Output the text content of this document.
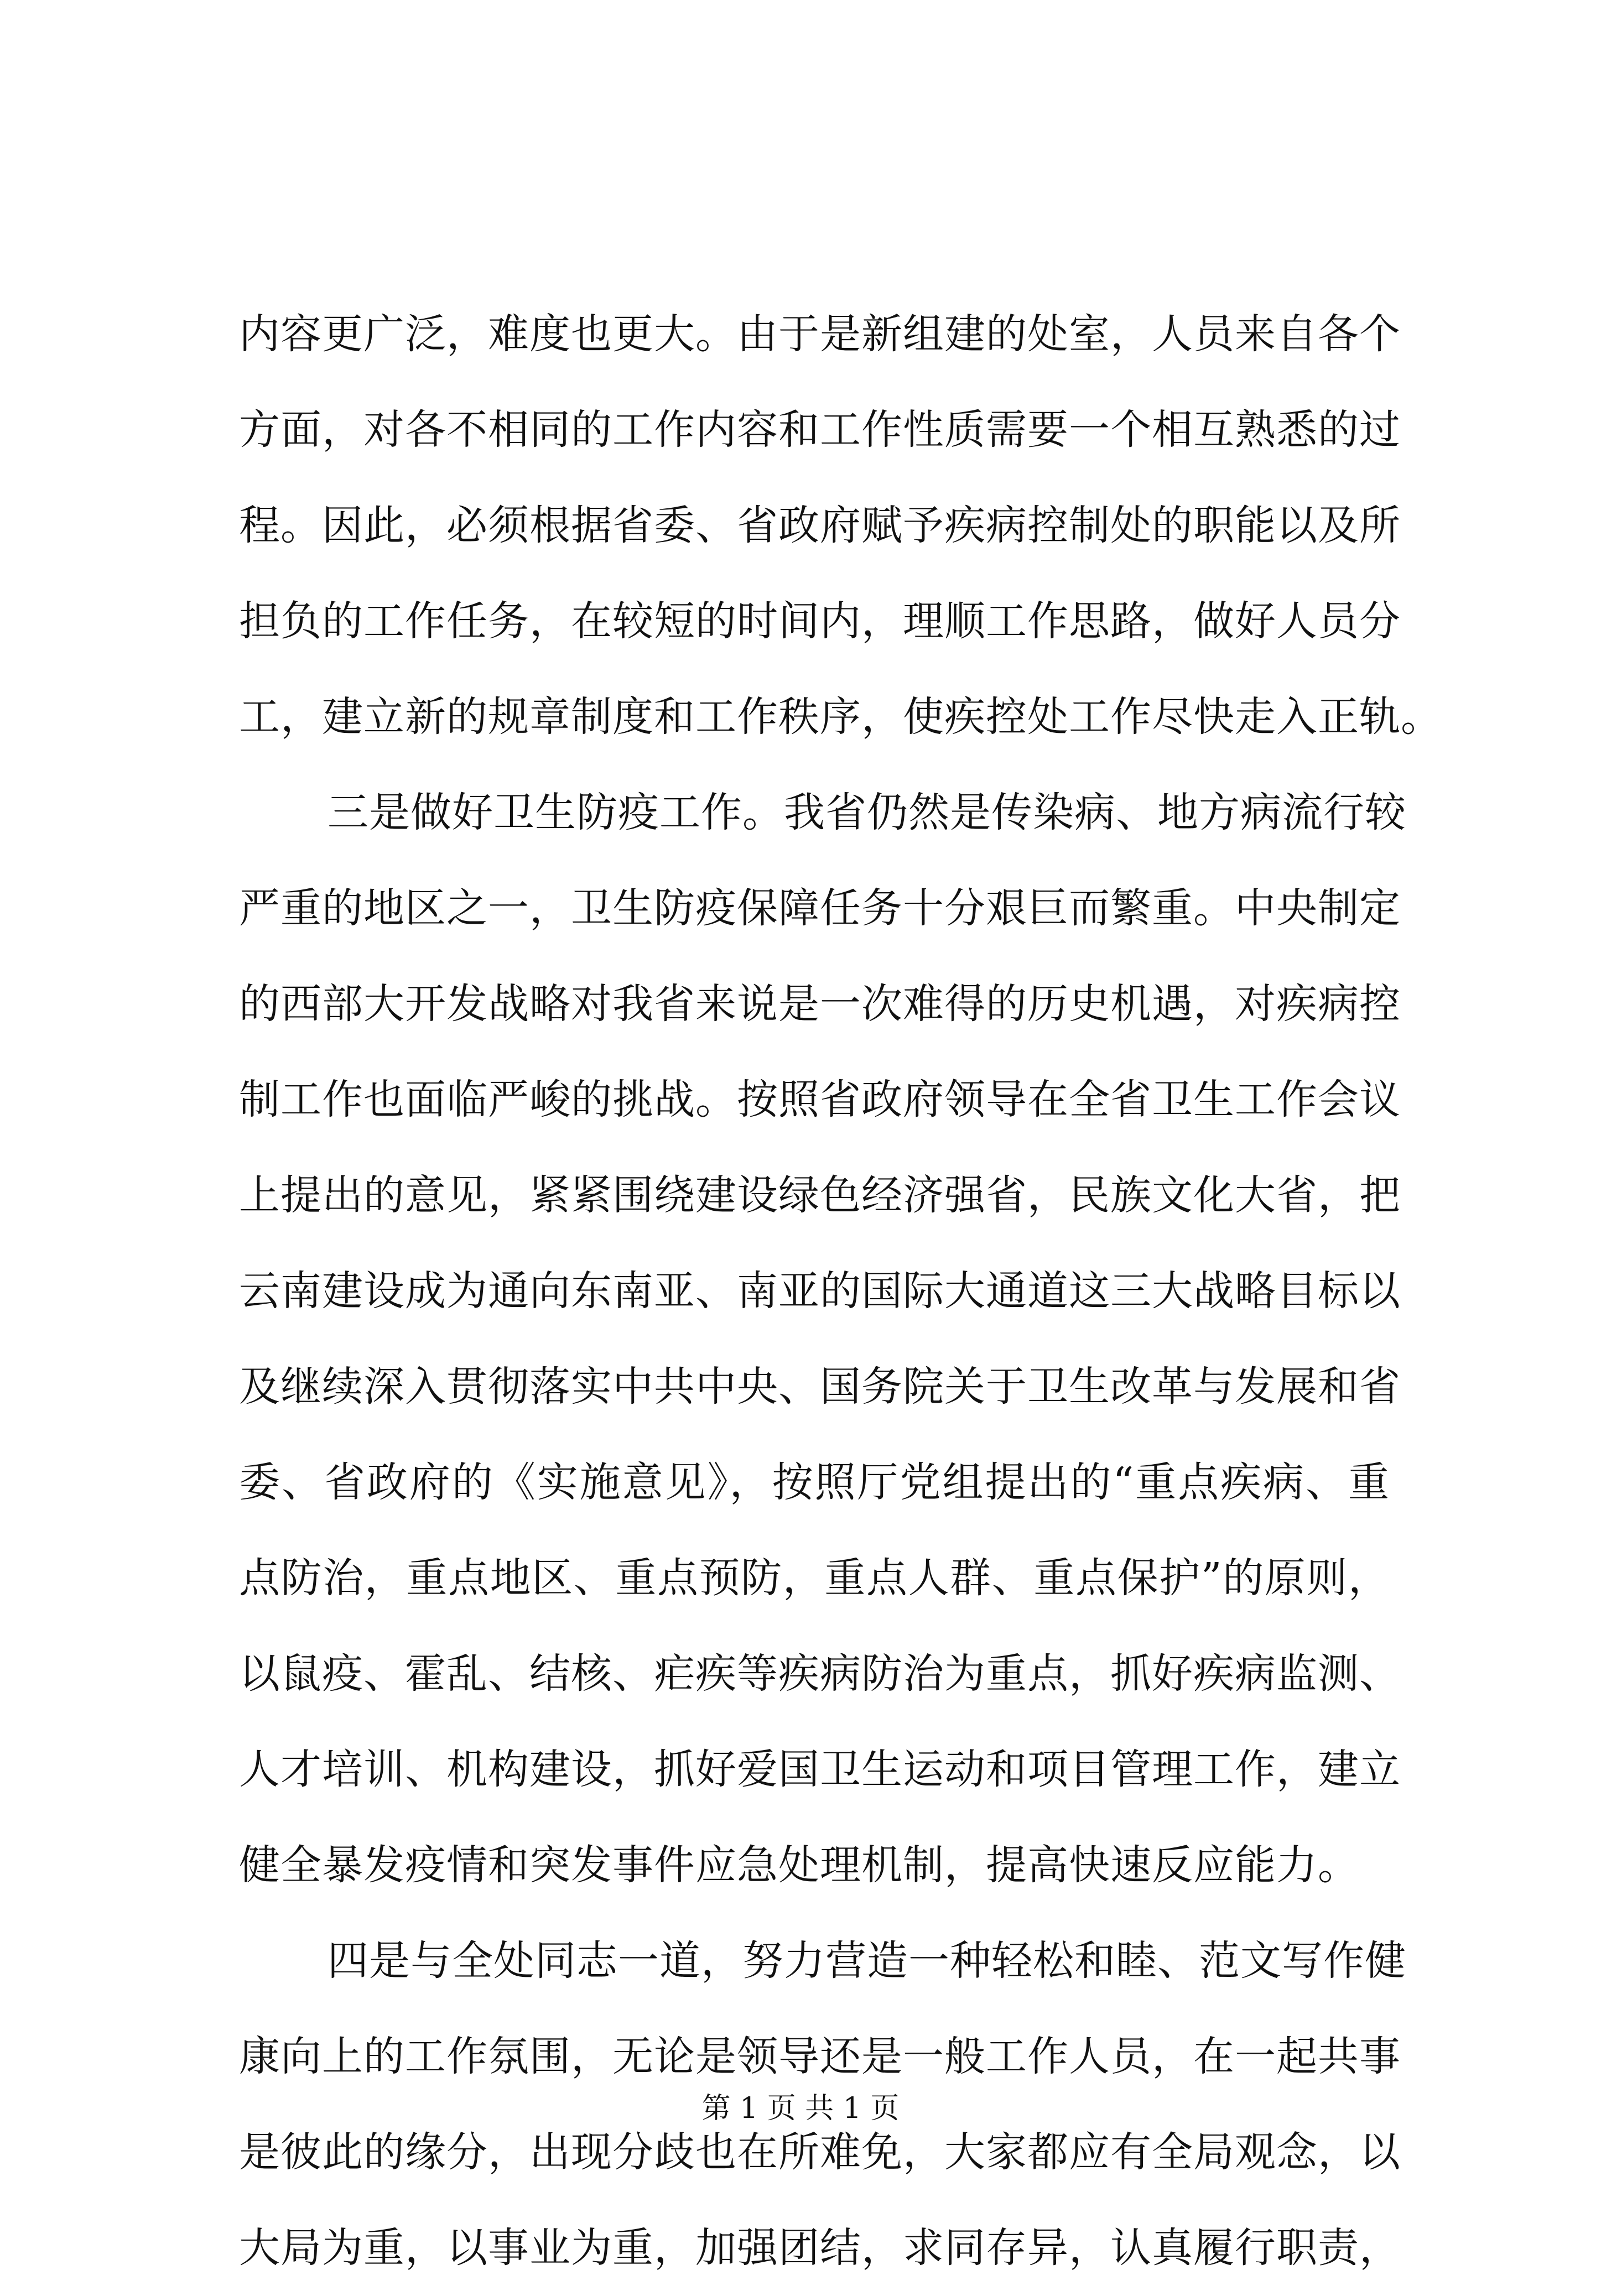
内容更广泛，难度也更大。由于是新组建的处室，人员来自各个
方面，对各不相同的工作内容和工作性质需要一个相互熟悉的过
程。因此，必须根据省委、省政府赋予疾病控制处的职能以及所
担负的工作任务，在较短的时间内，理顺工作思路，做好人员分
工，建立新的规章制度和工作秩序，使疾控处工作尽快走入正轨。
三是做好卫生防疫工作。我省仍然是传染病、地方病流行较
严重的地区之一，卫生防疫保障任务十分艰巨而繁重。中央制定
的西部大开发战略对我省来说是一次难得的历史机遇，对疾病控
制工作也面临严峻的挑战。按照省政府领导在全省卫生工作会议
上提出的意见，紧紧围绕建设绿色经济强省，民族文化大省，把
云南建设成为通向东南亚、南亚的国际大通道这三大战略目标以
及继续深入贯彻落实中共中央、国务院关于卫生改革与发展和省
委、省政府的《实施意见》，按照厅党组提出的“重点疾病、重
点防治，重点地区、重点预防，重点人群、重点保护”的原则，
以鼠疫、霍乱、结核、疟疾等疾病防治为重点，抓好疾病监测、
人才培训、机构建设，抓好爱国卫生运动和项目管理工作，建立
健全暴发疫情和突发事件应急处理机制，提高快速反应能力。
四是与全处同志一道，努力营造一种轻松和睦、范文写作健
康向上的工作氛围，无论是领导还是一般工作人员，在一起共事
是彼此的缘分，出现分歧也在所难免，大家都应有全局观念，以
大局为重，以事业为重，加强团结，求同存异，认真履行职责，
第 1 页 共 1 页
